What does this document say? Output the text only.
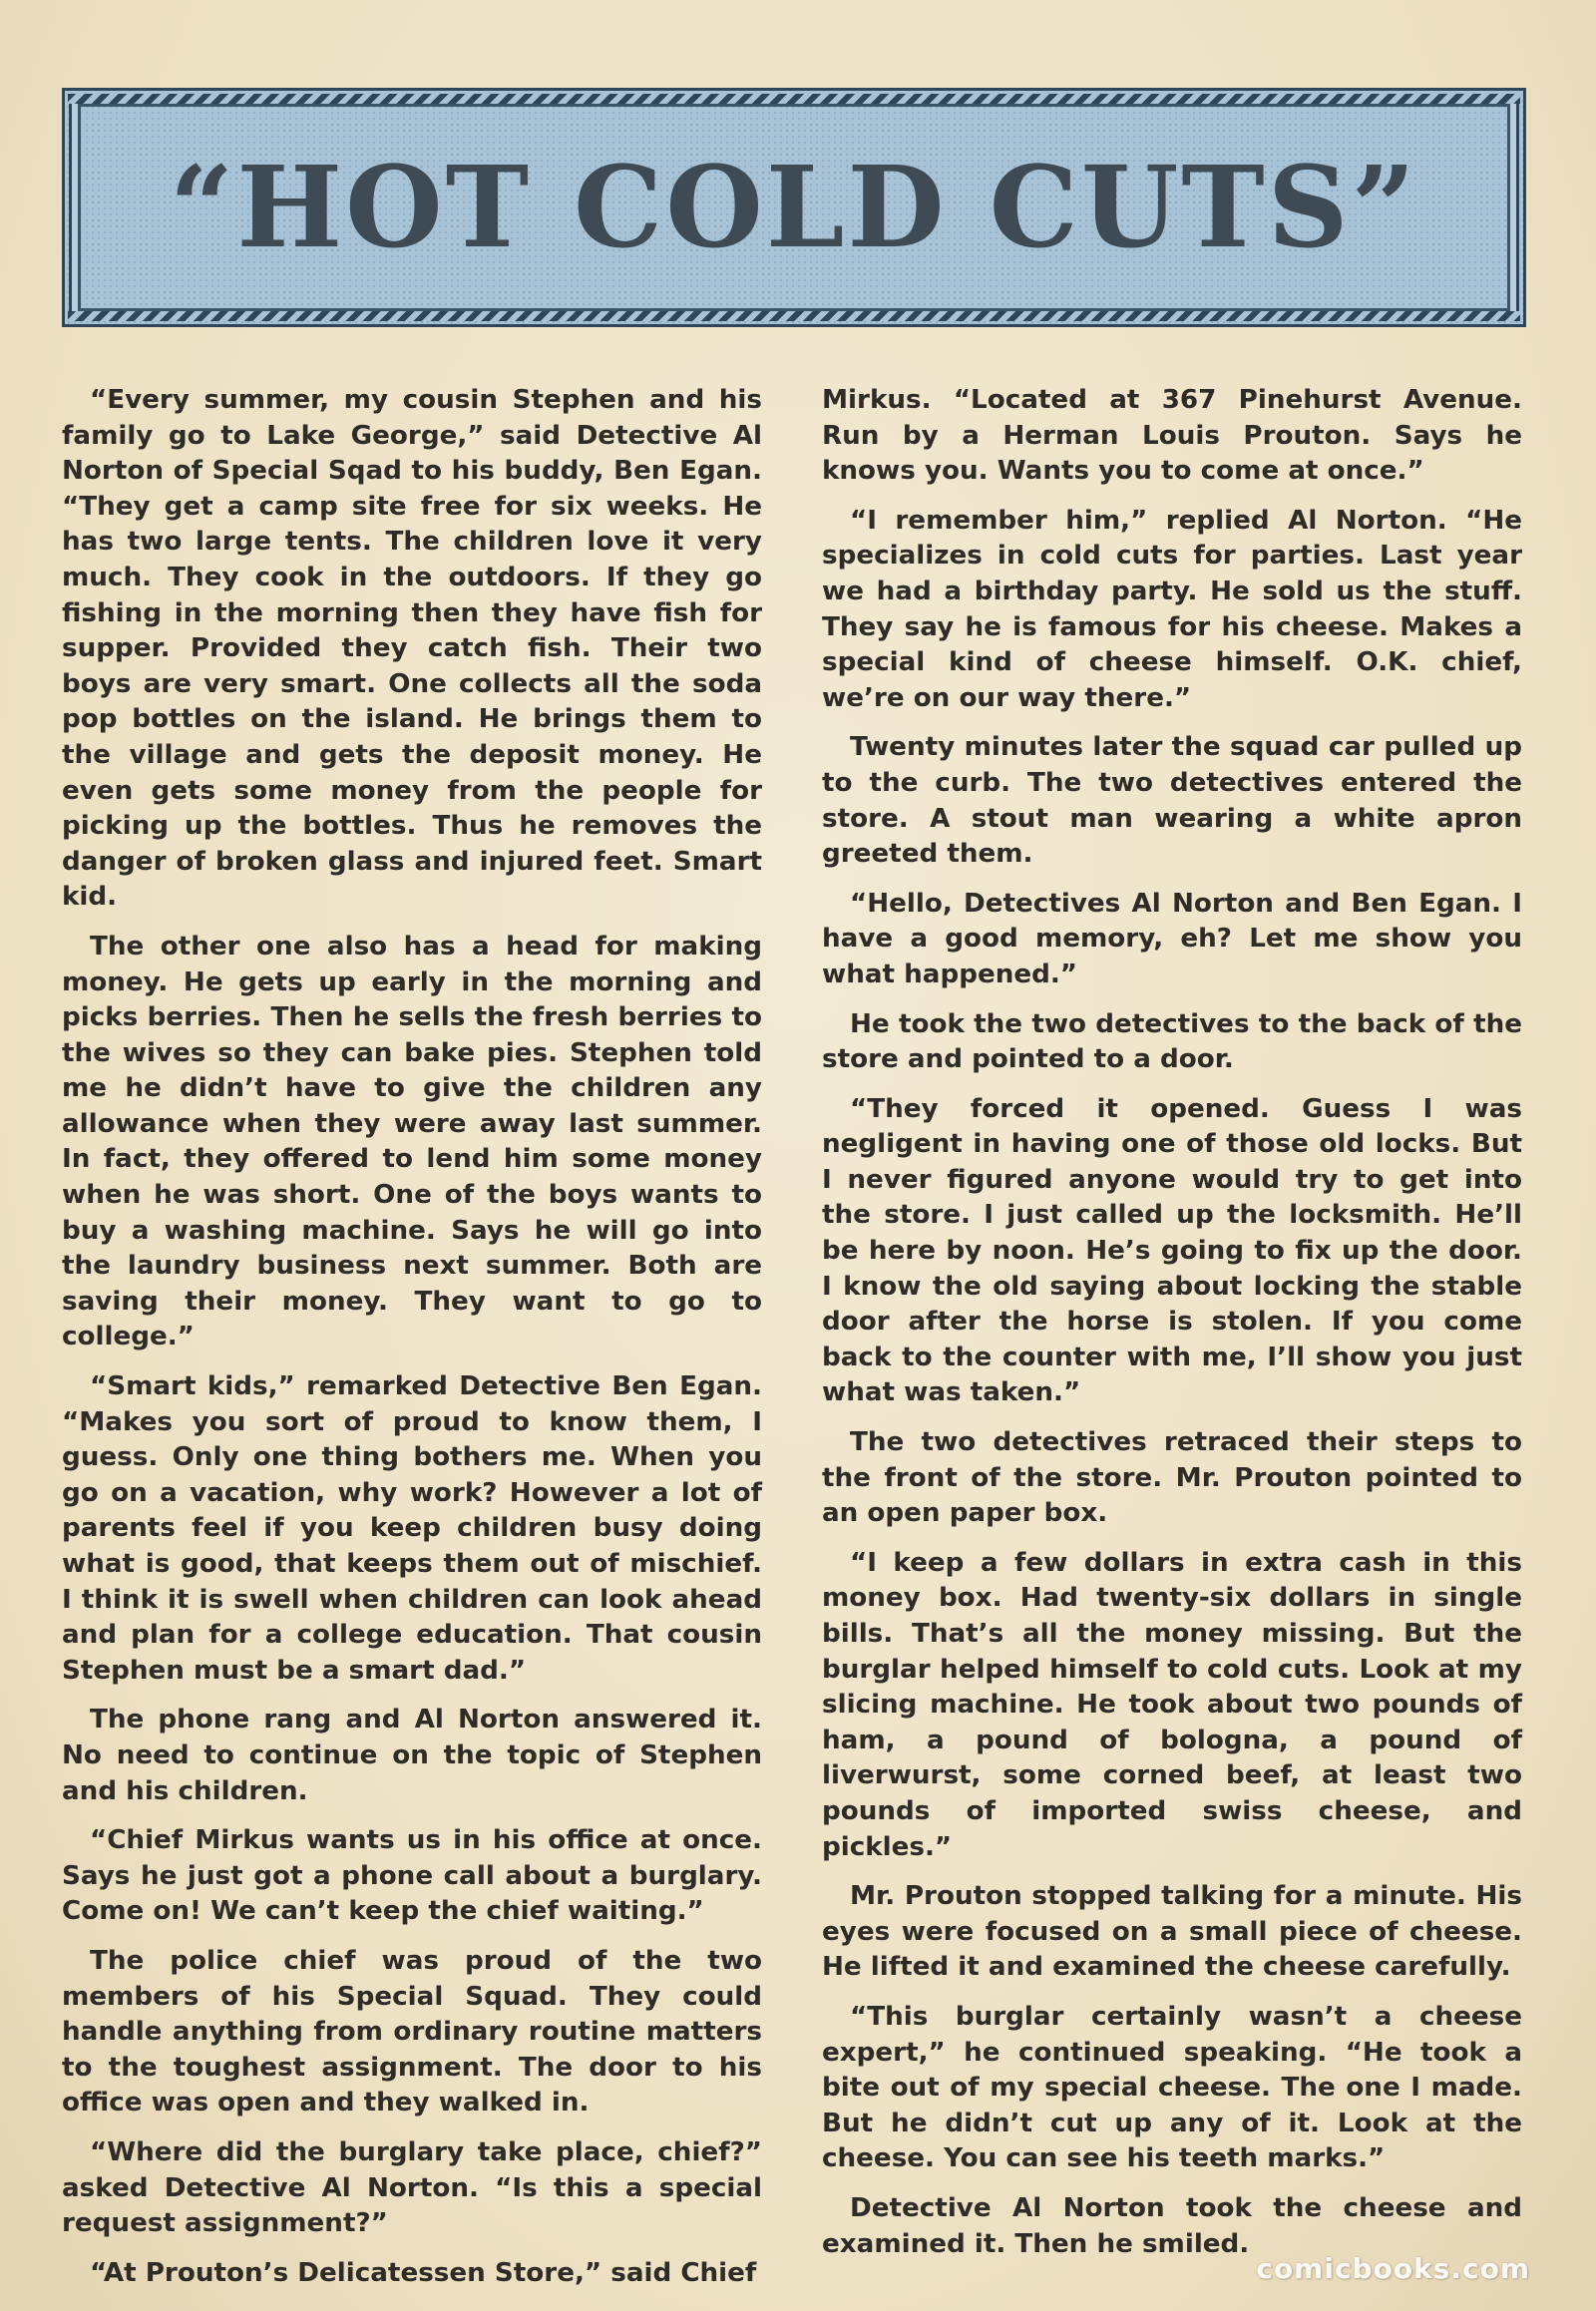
“HOT COLD CUTS”

“Every summer, my cousin Stephen and his family go to Lake George,” said Detective Al Norton of Special Sqad to his buddy, Ben Egan. “They get a camp site free for six weeks. He has two large tents. The children love it very much. They cook in the outdoors. If they go fishing in the morning then they have fish for supper. Provided they catch fish. Their two boys are very smart. One collects all the soda pop bottles on the island. He brings them to the village and gets the deposit money. He even gets some money from the people for picking up the bottles. Thus he removes the danger of broken glass and injured feet. Smart kid.

The other one also has a head for making money. He gets up early in the morning and picks berries. Then he sells the fresh berries to the wives so they can bake pies. Stephen told me he didn’t have to give the children any allowance when they were away last summer. In fact, they offered to lend him some money when he was short. One of the boys wants to buy a washing machine. Says he will go into the laundry business next summer. Both are saving their money. They want to go to college.”

“Smart kids,” remarked Detective Ben Egan. “Makes you sort of proud to know them, I guess. Only one thing bothers me. When you go on a vacation, why work? However a lot of parents feel if you keep children busy doing what is good, that keeps them out of mischief. I think it is swell when children can look ahead and plan for a college education. That cousin Stephen must be a smart dad.”

The phone rang and Al Norton answered it. No need to continue on the topic of Stephen and his children.

“Chief Mirkus wants us in his office at once. Says he just got a phone call about a burglary. Come on! We can’t keep the chief waiting.”

The police chief was proud of the two members of his Special Squad. They could handle anything from ordinary routine matters to the toughest assignment. The door to his office was open and they walked in.

“Where did the burglary take place, chief?” asked Detective Al Norton. “Is this a special request assignment?”

“At Prouton’s Delicatessen Store,” said Chief

Mirkus. “Located at 367 Pinehurst Avenue. Run by a Herman Louis Prouton. Says he knows you. Wants you to come at once.”

“I remember him,” replied Al Norton. “He specializes in cold cuts for parties. Last year we had a birthday party. He sold us the stuff. They say he is famous for his cheese. Makes a special kind of cheese himself. O.K. chief, we’re on our way there.”

Twenty minutes later the squad car pulled up to the curb. The two detectives entered the store. A stout man wearing a white apron greeted them.

“Hello, Detectives Al Norton and Ben Egan. I have a good memory, eh? Let me show you what happened.”

He took the two detectives to the back of the store and pointed to a door.

“They forced it opened. Guess I was negligent in having one of those old locks. But I never figured anyone would try to get into the store. I just called up the locksmith. He’ll be here by noon. He’s going to fix up the door. I know the old saying about locking the stable door after the horse is stolen. If you come back to the counter with me, I’ll show you just what was taken.”

The two detectives retraced their steps to the front of the store. Mr. Prouton pointed to an open paper box.

“I keep a few dollars in extra cash in this money box. Had twenty-six dollars in single bills. That’s all the money missing. But the burglar helped himself to cold cuts. Look at my slicing machine. He took about two pounds of ham, a pound of bologna, a pound of liverwurst, some corned beef, at least two pounds of imported swiss cheese, and pickles.”

Mr. Prouton stopped talking for a minute. His eyes were focused on a small piece of cheese. He lifted it and examined the cheese carefully.

“This burglar certainly wasn’t a cheese expert,” he continued speaking. “He took a bite out of my special cheese. The one I made. But he didn’t cut up any of it. Look at the cheese. You can see his teeth marks.”

Detective Al Norton took the cheese and examined it. Then he smiled.

comicbooks.com
